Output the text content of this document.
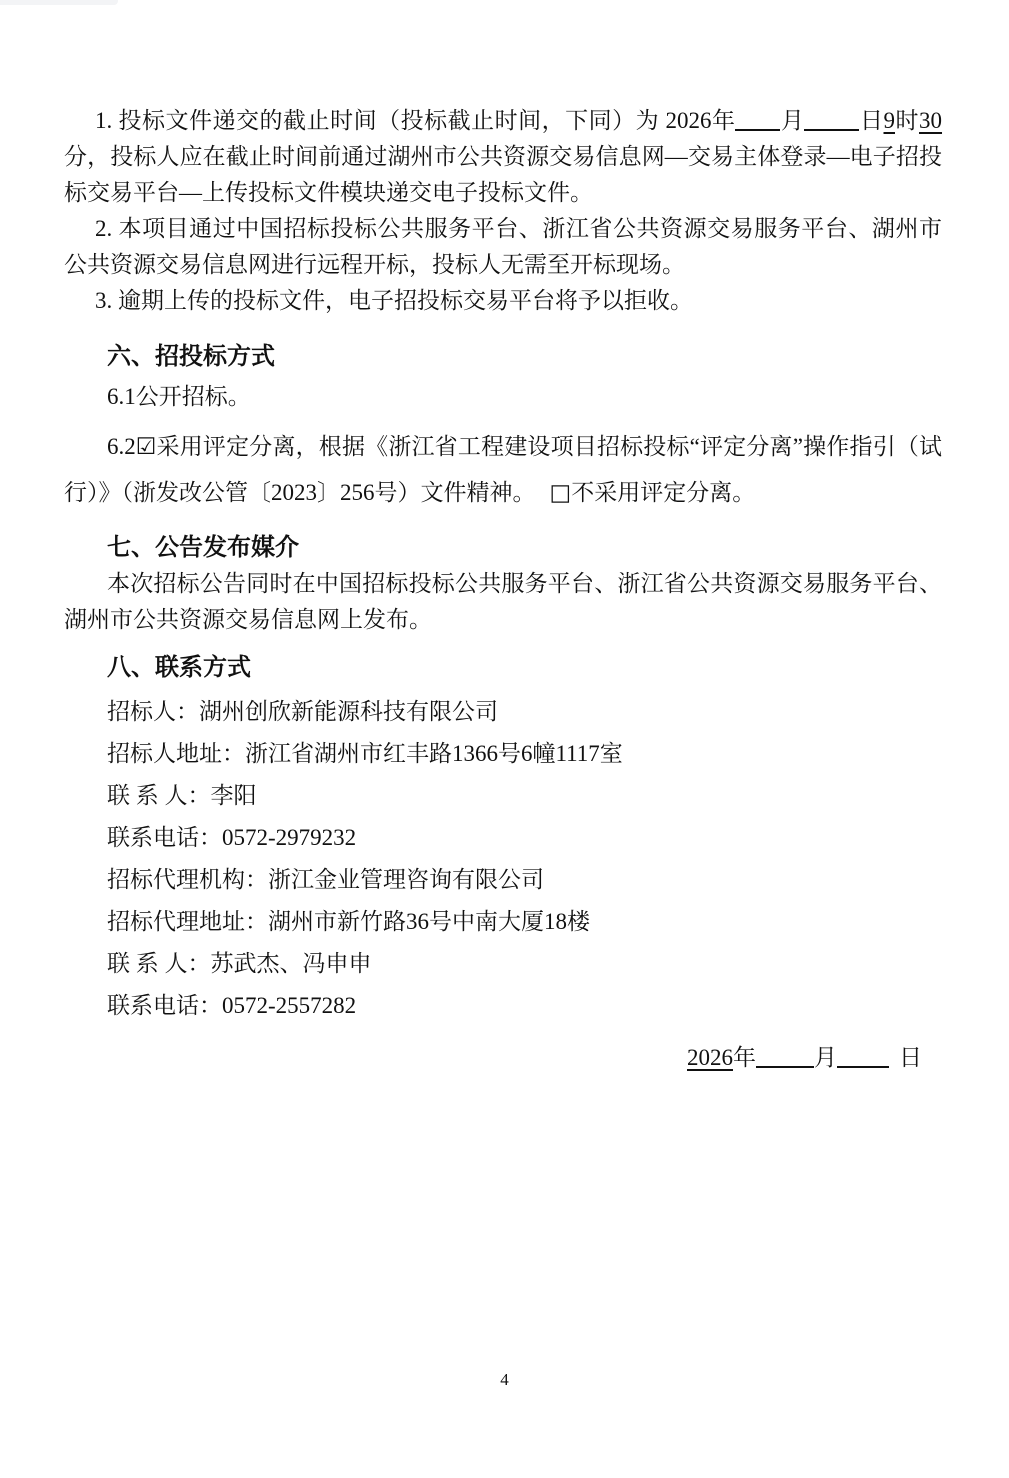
1. 投标文件递交的截止时间（投标截止时间，下同）为 2026年 月 日9时30分，投标人应在截止时间前通过湖州市公共资源交易信息网—交易主体登录—电子招投标交易平台—上传投标文件模块递交电子投标文件。

2. 本项目通过中国招标投标公共服务平台、浙江省公共资源交易服务平台、湖州市公共资源交易信息网进行远程开标，投标人无需至开标现场。

3. 逾期上传的投标文件，电子招投标交易平台将予以拒收。

六、招投标方式

6.1公开招标。

6.2☑采用评定分离，根据《浙江省工程建设项目招标投标“评定分离”操作指引（试行）》（浙发改公管〔2023〕256号）文件精神。 □不采用评定分离。

七、公告发布媒介

本次招标公告同时在中国招标投标公共服务平台、浙江省公共资源交易服务平台、湖州市公共资源交易信息网上发布。

八、联系方式
招标人：湖州创欣新能源科技有限公司
招标人地址：浙江省湖州市红丰路1366号6幢1117室
联 系 人：李阳
联系电话：0572-2979232
招标代理机构：浙江金业管理咨询有限公司
招标代理地址：湖州市新竹路36号中南大厦18楼
联 系 人：苏武杰、冯申申
联系电话：0572-2557282

2026年	月	日

4
